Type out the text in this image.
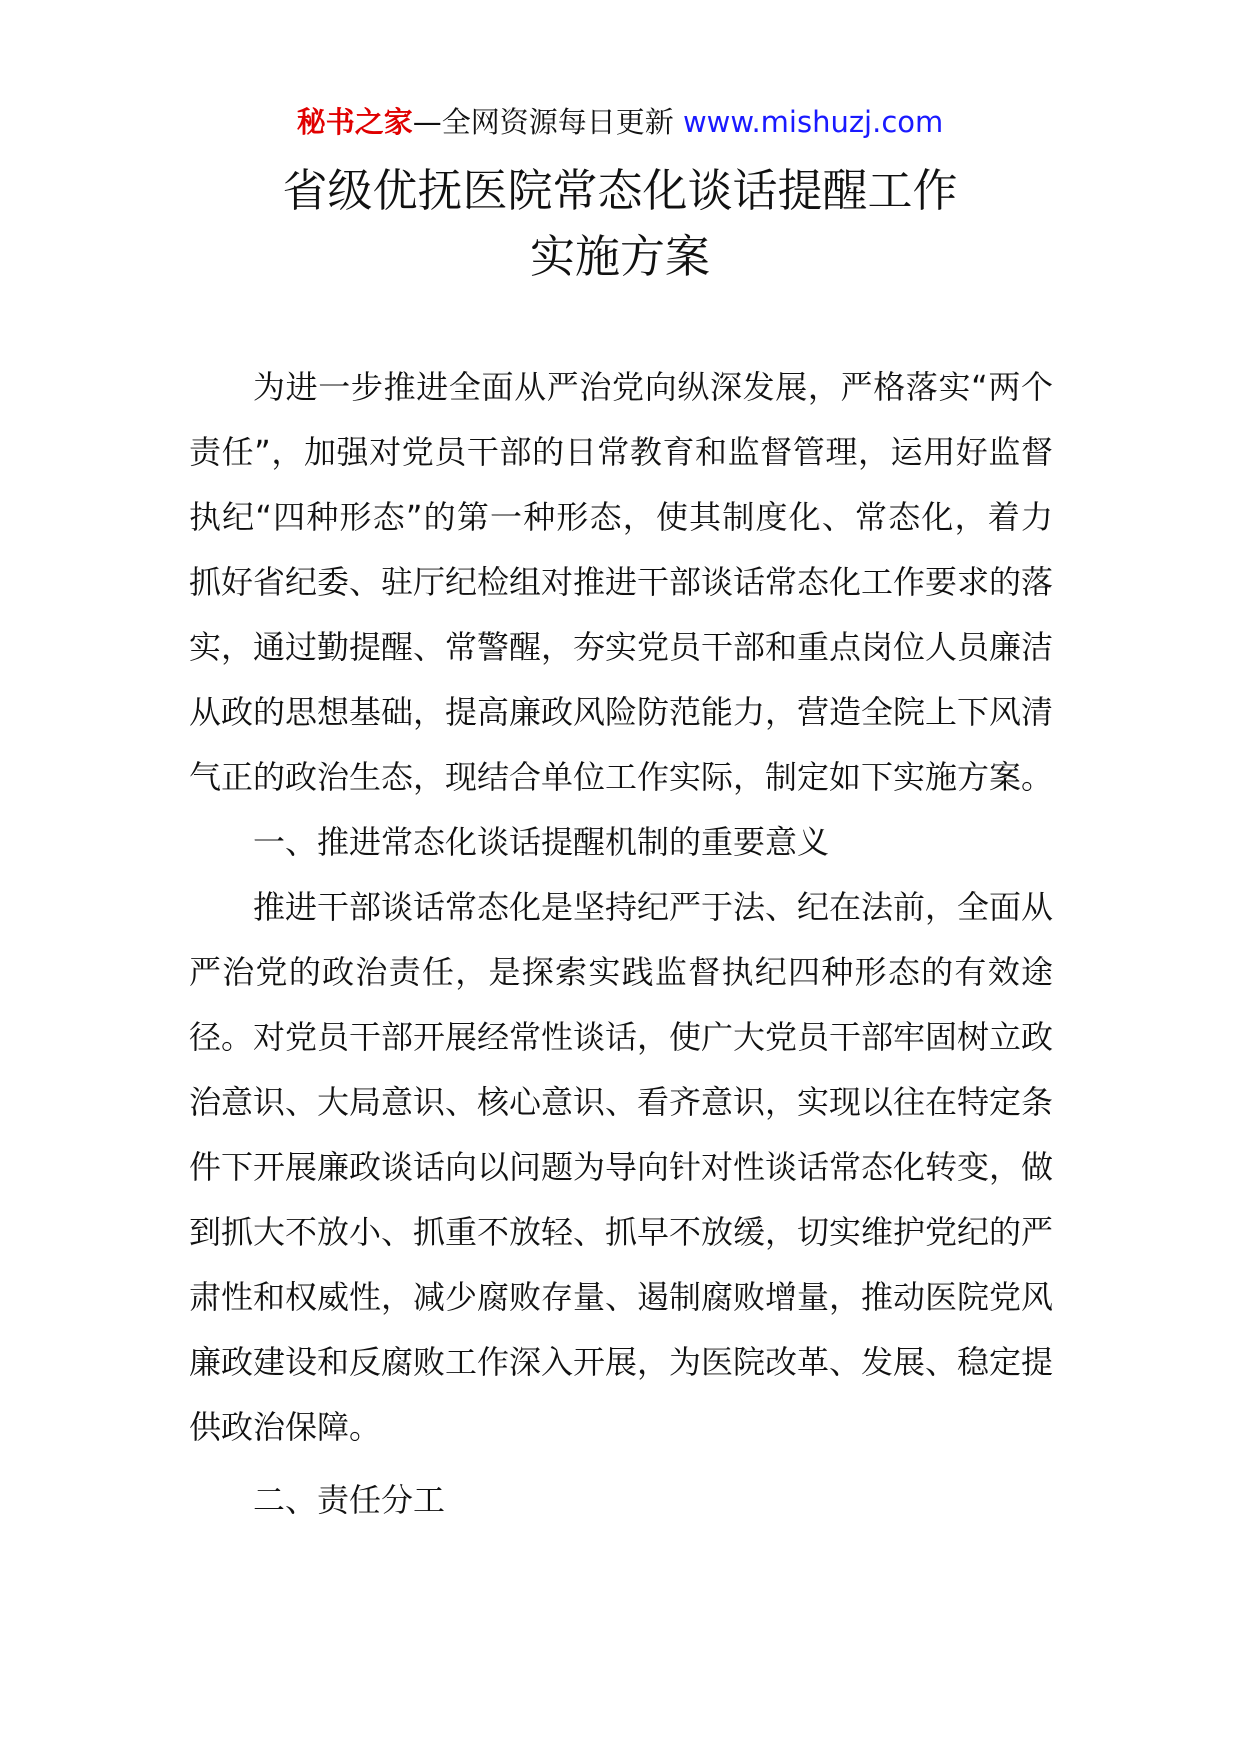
秘书之家—全网资源每日更新 www.mishuzj.com
省级优抚医院常态化谈话提醒工作
实施方案

为进一步推进全面从严治党向纵深发展，严格落实“两个责任”，加强对党员干部的日常教育和监督管理，运用好监督执纪“四种形态”的第一种形态，使其制度化、常态化，着力抓好省纪委、驻厅纪检组对推进干部谈话常态化工作要求的落实，通过勤提醒、常警醒，夯实党员干部和重点岗位人员廉洁从政的思想基础，提高廉政风险防范能力，营造全院上下风清气正的政治生态，现结合单位工作实际，制定如下实施方案。

一、推进常态化谈话提醒机制的重要意义

推进干部谈话常态化是坚持纪严于法、纪在法前，全面从严治党的政治责任，是探索实践监督执纪四种形态的有效途径。对党员干部开展经常性谈话，使广大党员干部牢固树立政治意识、大局意识、核心意识、看齐意识，实现以往在特定条件下开展廉政谈话向以问题为导向针对性谈话常态化转变，做到抓大不放小、抓重不放轻、抓早不放缓，切实维护党纪的严肃性和权威性，减少腐败存量、遏制腐败增量，推动医院党风廉政建设和反腐败工作深入开展，为医院改革、发展、稳定提供政治保障。

二、责任分工
